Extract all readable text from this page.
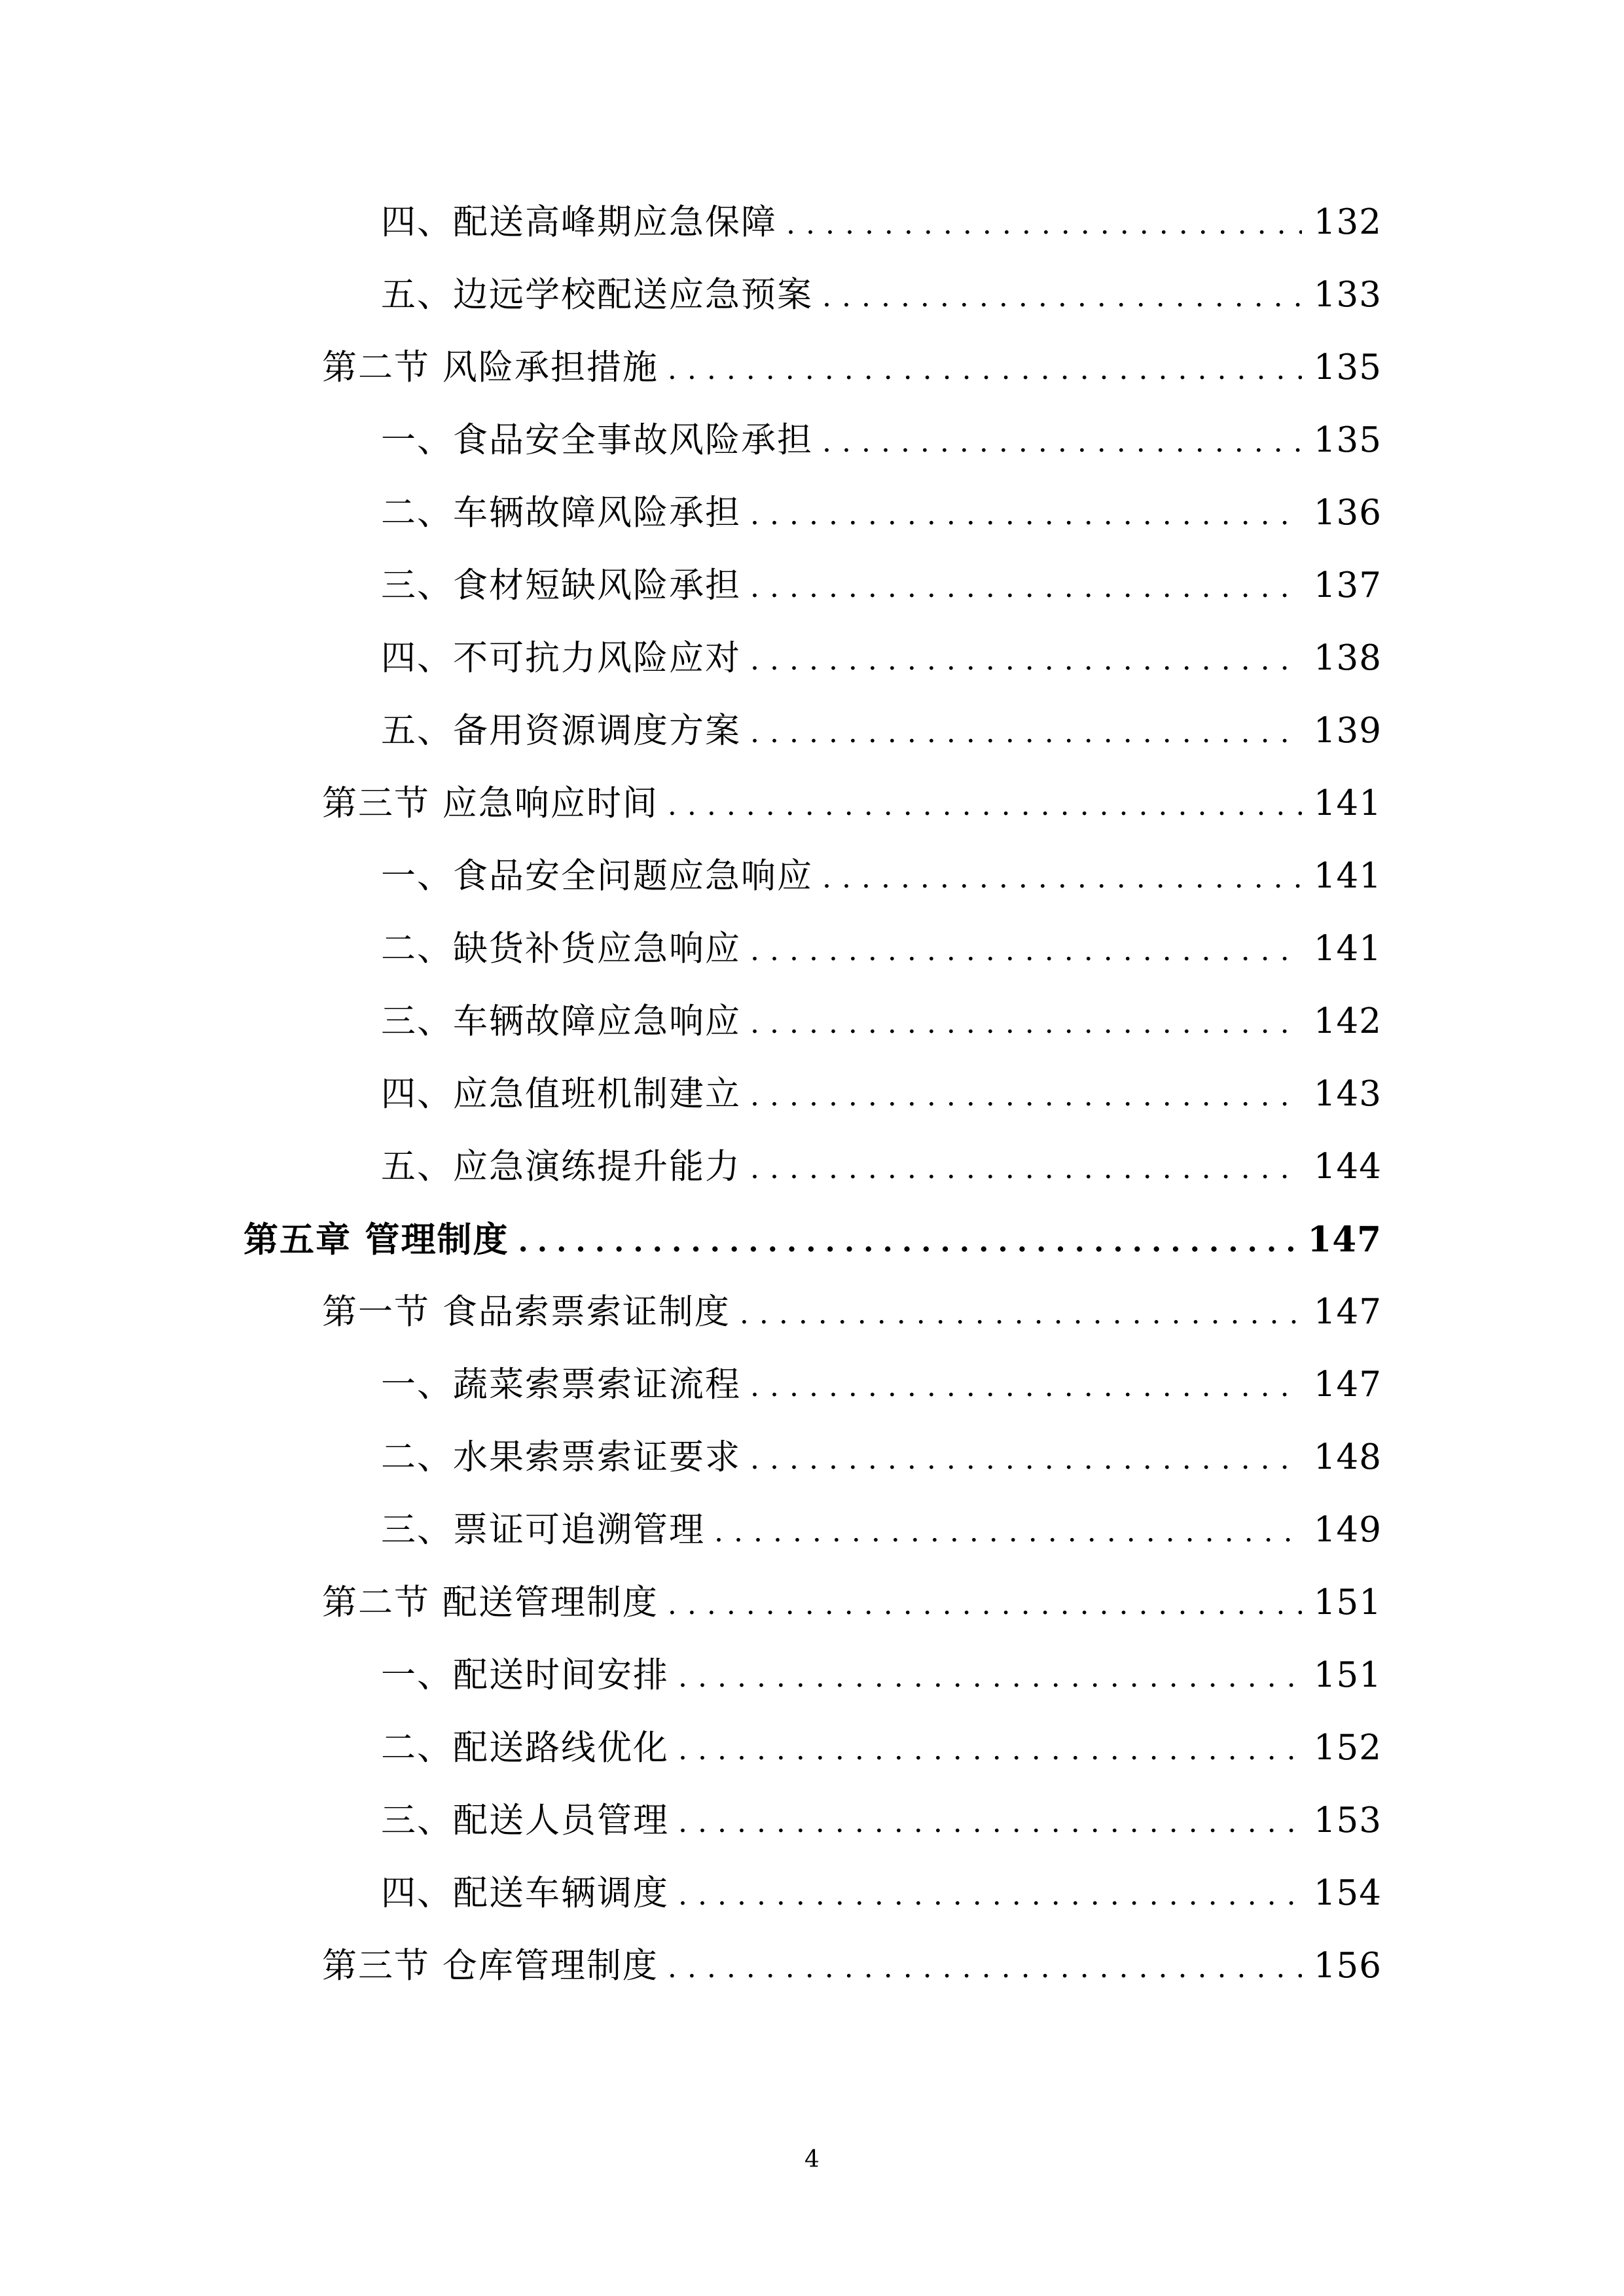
四、配送高峰期应急保障 .....	132
五、边远学校配送应急预案 .....	133
第二节 风险承担措施 .....	135
一、食品安全事故风险承担 .....	135
二、车辆故障风险承担 .....	136
三、食材短缺风险承担 .....	137
四、不可抗力风险应对 .....	138
五、备用资源调度方案 .....	139
第三节 应急响应时间 .....	141
一、食品安全问题应急响应 .....	141
二、缺货补货应急响应 .....	141
三、车辆故障应急响应 .....	142
四、应急值班机制建立 .....	143
五、应急演练提升能力 .....	144
第五章 管理制度 .....	147
第一节 食品索票索证制度 .....	147
一、蔬菜索票索证流程 .....	147
二、水果索票索证要求 .....	148
三、票证可追溯管理 .....	149
第二节 配送管理制度 .....	151
一、配送时间安排 .....	151
二、配送路线优化 .....	152
三、配送人员管理 .....	153
四、配送车辆调度 .....	154
第三节 仓库管理制度 .....	156
4
